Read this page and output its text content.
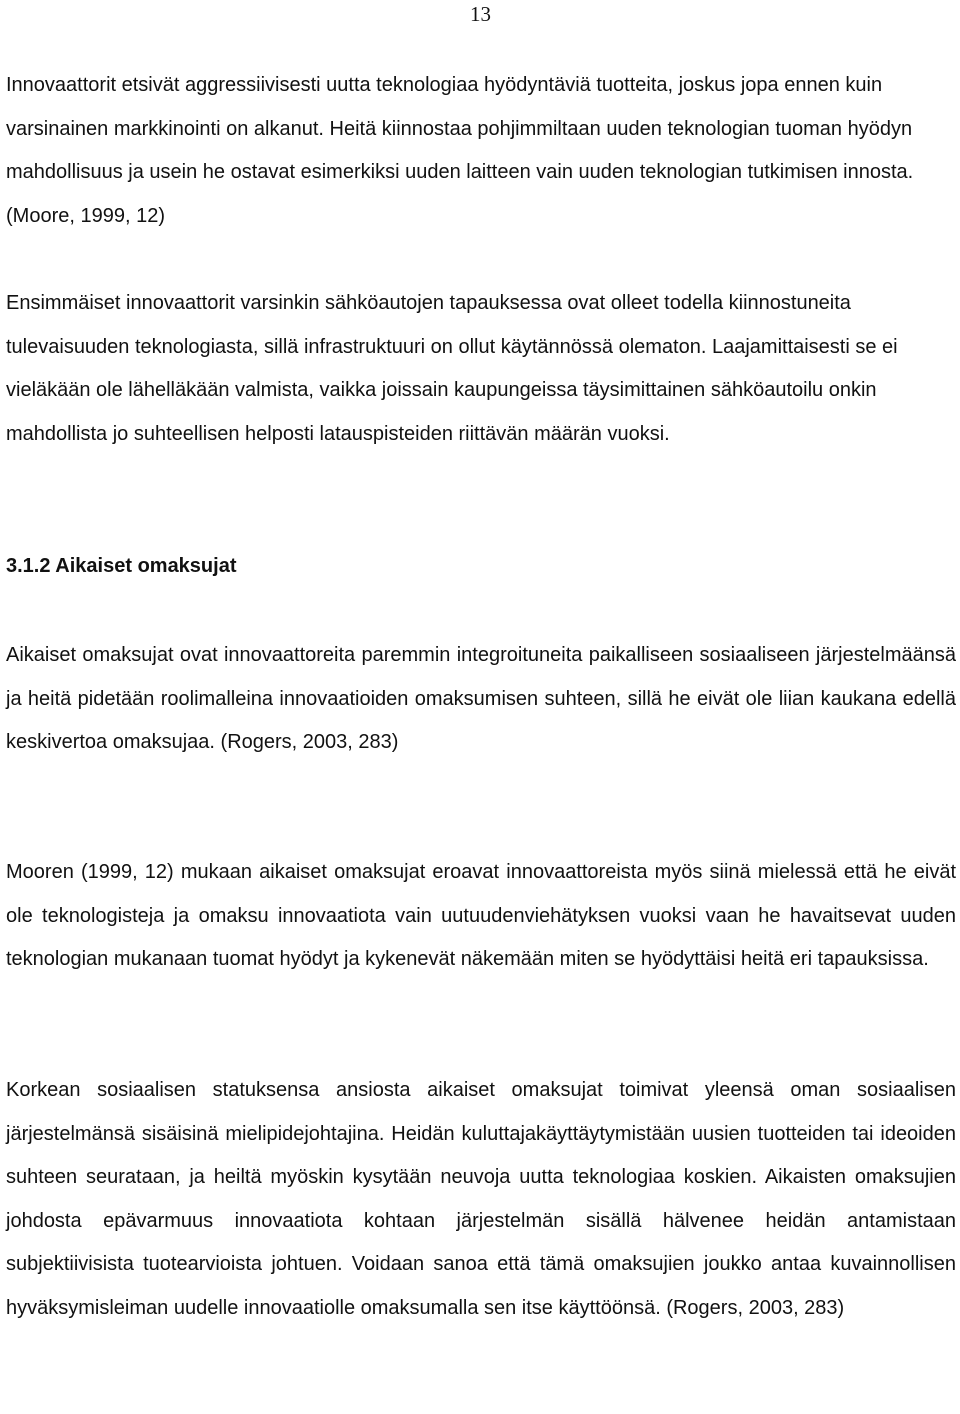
13

Innovaattorit etsivät aggressiivisesti uutta teknologiaa hyödyntäviä tuotteita, joskus jopa ennen kuin varsinainen markkinointi on alkanut. Heitä kiinnostaa pohjimmiltaan uuden teknologian tuoman hyödyn mahdollisuus ja usein he ostavat esimerkiksi uuden laitteen vain uuden teknologian tutkimisen innosta. (Moore, 1999, 12)

Ensimmäiset innovaattorit varsinkin sähköautojen tapauksessa ovat olleet todella kiinnostuneita tulevaisuuden teknologiasta, sillä infrastruktuuri on ollut käytännössä olematon. Laajamittaisesti se ei vieläkään ole lähelläkään valmista, vaikka joissain kaupungeissa täysimittainen sähköautoilu onkin mahdollista jo suhteellisen helposti latauspisteiden riittävän määrän vuoksi.

3.1.2 Aikaiset omaksujat

Aikaiset omaksujat ovat innovaattoreita paremmin integroituneita paikalliseen sosiaaliseen järjestelmäänsä ja heitä pidetään roolimalleina innovaatioiden omaksumisen suhteen, sillä he eivät ole liian kaukana edellä keskivertoa omaksujaa. (Rogers, 2003, 283)

Mooren (1999, 12) mukaan aikaiset omaksujat eroavat innovaattoreista myös siinä mielessä että he eivät ole teknologisteja ja omaksu innovaatiota vain uutuudenviehätyksen vuoksi vaan he havaitsevat uuden teknologian mukanaan tuomat hyödyt ja kykenevät näkemään miten se hyödyttäisi heitä eri tapauksissa.

Korkean sosiaalisen statuksensa ansiosta aikaiset omaksujat toimivat yleensä oman sosiaalisen järjestelmänsä sisäisinä mielipidejohtajina. Heidän kuluttajakäyttäytymistään uusien tuotteiden tai ideoiden suhteen seurataan, ja heiltä myöskin kysytään neuvoja uutta teknologiaa koskien. Aikaisten omaksujien johdosta epävarmuus innovaatiota kohtaan järjestelmän sisällä hälvenee heidän antamistaan subjektiivisista tuotearvioista johtuen. Voidaan sanoa että tämä omaksujien joukko antaa kuvainnollisen hyväksymisleiman uudelle innovaatiolle omaksumalla sen itse käyttöönsä. (Rogers, 2003, 283)
